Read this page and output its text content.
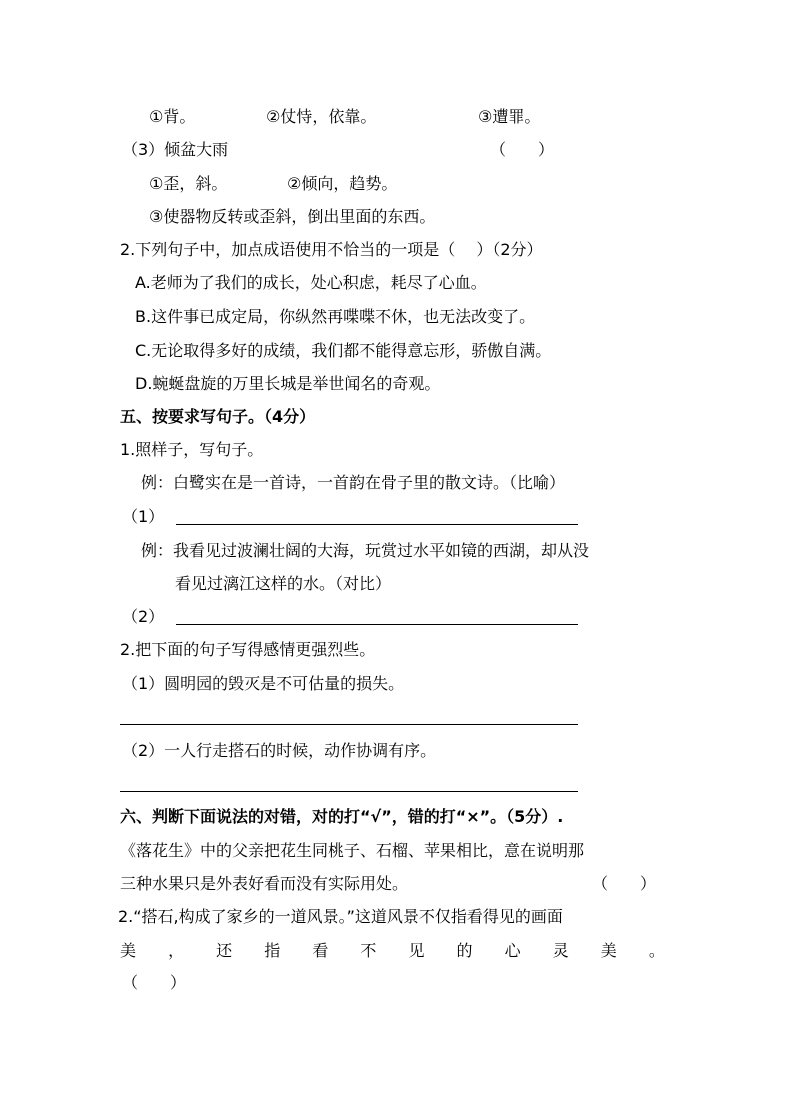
①背。	②仗恃，依靠。	③遭罪。
（3）倾盆大雨	（　　）
①歪，斜。	②倾向，趋势。
③使器物反转或歪斜，倒出里面的东西。
2.下列句子中，加点成语使用不恰当的一项是（　 ）（2分）
A.老师为了我们的成长，处心积虑，耗尽了心血。
B.这件事已成定局，你纵然再喋喋不休，也无法改变了。
C.无论取得多好的成绩，我们都不能得意忘形，骄傲自满。
D.蜿蜒盘旋的万里长城是举世闻名的奇观。
五、按要求写句子。（4分）
1.照样子，写句子。
例：白鹭实在是一首诗，一首韵在骨子里的散文诗。（比喻）
（1）
例：我看见过波澜壮阔的大海，玩赏过水平如镜的西湖，却从没
看见过漓江这样的水。（对比）
（2）
2.把下面的句子写得感情更强烈些。
（1）圆明园的毁灭是不可估量的损失。
（2）一人行走搭石的时候，动作协调有序。
六、判断下面说法的对错，对的打“√”，错的打“×”。（5分）.
《落花生》中的父亲把花生同桃子、石榴、苹果相比，意在说明那
三种水果只是外表好看而没有实际用处。	（　　）
2.“搭石,构成了家乡的一道风景。”这道风景不仅指看得见的画面
美 ， 还 指 看 不 见 的 心 灵 美 。
（　　）
